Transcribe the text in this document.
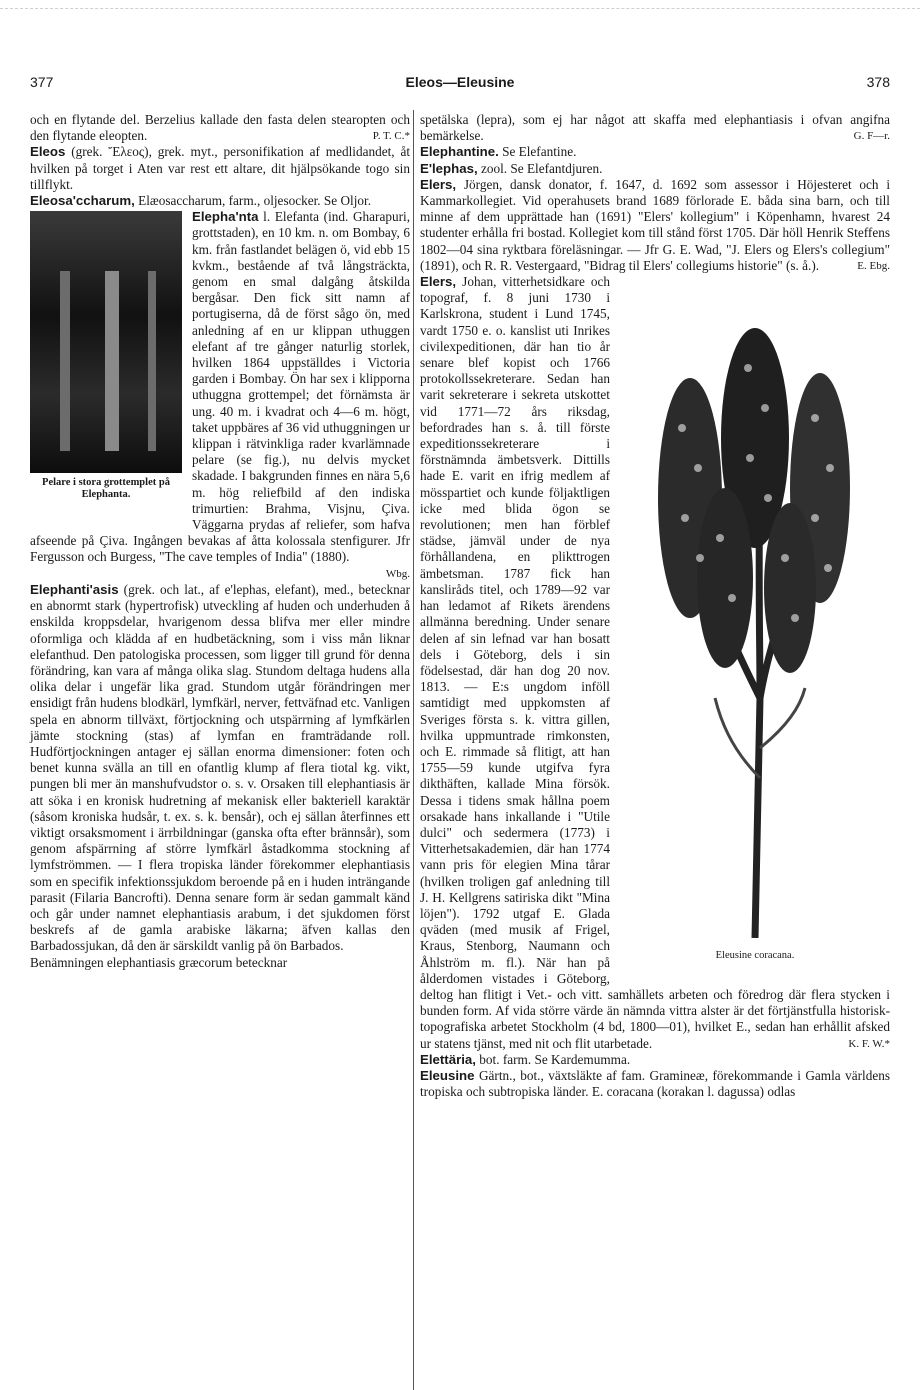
377	Eleos—Eleusine	378

och en flytande del. Berzelius kallade den fasta delen stearopten och den flytande eleopten.	P. T. C.*

Eleos (grek. Ἔλεος), grek. myt., personifikation af medlidandet, åt hvilken på torget i Aten var rest ett altare, dit hjälpsökande togo sin tillflykt.

Eleosa'ccharum, Elæosaccharum, farm., oljesocker. Se Oljor.

Elepha'nta
Pelare i stora grottemplet på Elephanta.
l. Elefanta (ind. Gharapuri, grottstaden), en 10 km. n. om Bombay, 6 km. från fastlandet belägen ö, vid ebb 15 kvkm., bestående af två långsträckta, genom en smal dalgång åtskilda bergåsar. Den fick sitt namn af portugiserna, då de först sågo ön, med anledning af en ur klippan uthuggen elefant af tre gånger naturlig storlek, hvilken 1864 uppställdes i Victoria garden i Bombay. Ön har sex i klipporna uthuggna grottempel; det förnämsta är ung. 40 m. i kvadrat och 4—6 m. högt, taket uppbäres af 36 vid uthuggningen ur klippan i rätvinkliga rader kvarlämnade pelare (se fig.), nu delvis mycket skadade. I bakgrunden finnes en nära 5,6 m. hög reliefbild af den indiska trimurtien: Brahma, Visjnu, Çiva. Väggarna prydas af reliefer, som hafva afseende på Çiva. Ingången bevakas af åtta kolossala stenfigurer. Jfr Fergusson och Burgess, "The cave temples of India" (1880).
Wbg.

Elephanti'asis (grek. och lat., af e'lephas, elefant), med., betecknar en abnormt stark (hypertrofisk) utveckling af huden och underhuden å enskilda kroppsdelar, hvarigenom dessa blifva mer eller mindre oformliga och klädda af en hudbetäckning, som i viss mån liknar elefanthud. Den patologiska processen, som ligger till grund för denna förändring, kan vara af många olika slag. Stundom deltaga hudens alla olika delar i ungefär lika grad. Stundom utgår förändringen mer ensidigt från hudens blodkärl, lymfkärl, nerver, fettväfnad etc. Vanligen spela en abnorm tillväxt, förtjockning och utspärrning af lymfkärlen jämte stockning (stas) af lymfan en framträdande roll. Hudförtjockningen antager ej sällan enorma dimensioner: foten och benet kunna svälla an till en ofantlig klump af flera tiotal kg. vikt, pungen bli mer än manshufvudstor o. s. v. Orsaken till elephantiasis är att söka i en kronisk hudretning af mekanisk eller bakteriell karaktär (såsom kroniska hudsår, t. ex. s. k. bensår), och ej sällan återfinnes ett viktigt orsaksmoment i ärrbildningar (ganska ofta efter brännsår), som genom afspärrning af större lymfkärl åstadkomma stockning af lymfströmmen. — I flera tropiska länder förekommer elephantiasis som en specifik infektionssjukdom beroende på en i huden inträngande parasit (Filaria Bancrofti). Denna senare form är sedan gammalt känd och går under namnet elephantiasis arabum, i det sjukdomen först beskrefs af de gamla arabiske läkarna; äfven kallas den Barbadossjukan, då den är särskildt vanlig på ön Barbados.

Benämningen elephantiasis græcorum betecknar

spetälska (lepra), som ej har något att skaffa med elephantiasis i ofvan angifna bemärkelse.	G. F—r.

Elephantine. Se Elefantine.

E'lephas, zool. Se Elefantdjuren.

Elers, Jörgen, dansk donator, f. 1647, d. 1692 som assessor i Höjesteret och i Kammarkollegiet. Vid operahusets brand 1689 förlorade E. båda sina barn, och till minne af dem upprättade han (1691) "Elers' kollegium" i Köpenhamn, hvarest 24 studenter erhålla fri bostad. Kollegiet kom till stånd först 1705. Där höll Henrik Steffens 1802—04 sina ryktbara föreläsningar. — Jfr G. E. Wad, "J. Elers og Elers's collegium" (1891), och R. R. Vestergaard, "Bidrag til Elers' collegiums historie" (s. å.).	E. Ebg.

Elers,
Eleusine coracana.
Johan, vitterhetsidkare och topograf, f. 8 juni 1730 i Karlskrona, student i Lund 1745, vardt 1750 e. o. kanslist uti Inrikes civilexpeditionen, där han tio år senare blef kopist och 1766 protokollssekreterare. Sedan han varit sekreterare i sekreta utskottet vid 1771—72 års riksdag, befordrades han s. å. till förste expeditionssekreterare i förstnämnda ämbetsverk. Dittills hade E. varit en ifrig medlem af mösspartiet och kunde följaktligen icke med blida ögon se revolutionen; men han förblef städse, jämväl under de nya förhållandena, en plikttrogen ämbetsman. 1787 fick han kansliråds titel, och 1789—92 var han ledamot af Rikets ärendens allmänna beredning. Under senare delen af sin lefnad var han bosatt dels i Göteborg, dels i sin födelsestad, där han dog 20 nov. 1813. — E:s ungdom inföll samtidigt med uppkomsten af Sveriges första s. k. vittra gillen, hvilka uppmuntrade rimkonsten, och E. rimmade så flitigt, att han 1755—59 kunde utgifva fyra dikthäften, kallade Mina försök. Dessa i tidens smak hållna poem orsakade hans inkallande i "Utile dulci" och sedermera (1773) i Vitterhetsakademien, där han 1774 vann pris för elegien Mina tårar (hvilken troligen gaf anledning till J. H. Kellgrens satiriska dikt "Mina löjen"). 1792 utgaf E. Glada qväden (med musik af Frigel, Kraus, Stenborg, Naumann och Åhlström m. fl.). När han på ålderdomen vistades i Göteborg, deltog han flitigt i Vet.- och vitt. samhällets arbeten och föredrog där flera stycken i bunden form. Af vida större värde än nämnda vittra alster är det förtjänstfulla historisk-topografiska arbetet Stockholm (4 bd, 1800—01), hvilket E., sedan han erhållit afsked ur statens tjänst, med nit och flit utarbetade.	K. F. W.*

Elettäria, bot. farm. Se Kardemumma.

Eleusine Gärtn., bot., växtsläkte af fam. Gramineæ, förekommande i Gamla världens tropiska och subtropiska länder. E. coracana (korakan l. dagussa) odlas
